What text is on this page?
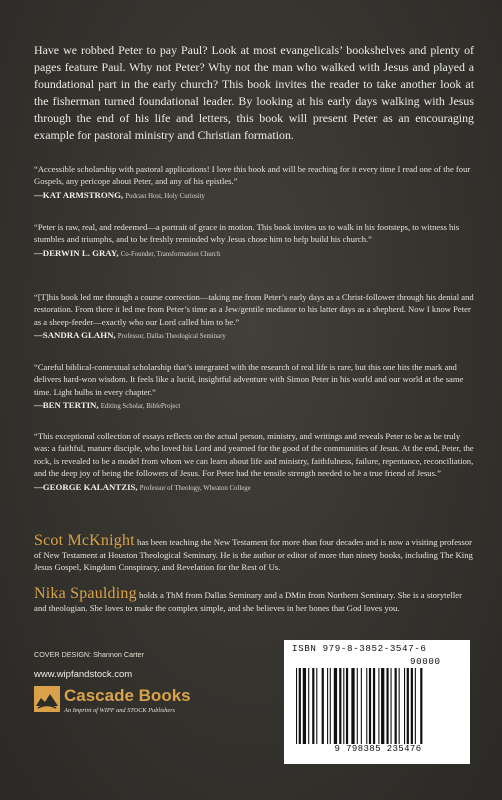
Have we robbed Peter to pay Paul? Look at most evangelicals’ bookshelves and plenty of pages feature Paul. Why not Peter? Why not the man who walked with Jesus and played a foundational part in the early church? This book invites the reader to take another look at the fisherman turned foundational leader. By looking at his early days walking with Jesus through the end of his life and letters, this book will present Peter as an encouraging example for pastoral ministry and Christian formation.
“Accessible scholarship with pastoral applications! I love this book and will be reaching for it every time I read one of the four Gospels, any pericope about Peter, and any of his epistles.”
—KAT ARMSTRONG, Podcast Host, Holy Curiosity
“Peter is raw, real, and redeemed—a portrait of grace in motion. This book invites us to walk in his footsteps, to witness his stumbles and triumphs, and to be freshly reminded why Jesus chose him to help build his church.”
—DERWIN L. GRAY, Co-Founder, Transformation Church
“[T]his book led me through a course correction—taking me from Peter’s early days as a Christ-follower through his denial and restoration. From there it led me from Peter’s time as a Jew/gentile mediator to his latter days as a shepherd. Now I know Peter as a sheep-feeder—exactly who our Lord called him to be.”
—SANDRA GLAHN, Professor, Dallas Theological Seminary
“Careful biblical-contextual scholarship that’s integrated with the research of real life is rare, but this one hits the mark and delivers hard-won wisdom. It feels like a lucid, insightful adventure with Simon Peter in his world and our world at the same time. Light bulbs in every chapter.”
—BEN TERTIN, Editing Scholar, BibleProject
“This exceptional collection of essays reflects on the actual person, ministry, and writings and reveals Peter to be as he truly was: a faithful, mature disciple, who loved his Lord and yearned for the good of the communities of Jesus. At the end, Peter, the rock, is revealed to be a model from whom we can learn about life and ministry, faithfulness, failure, repentance, reconciliation, and the deep joy of being the followers of Jesus. For Peter had the tensile strength needed to be a true friend of Jesus.”
—GEORGE KALANTZIS, Professor of Theology, Wheaton College
Scot McKnight has been teaching the New Testament for more than four decades and is now a visiting professor of New Testament at Houston Theological Seminary. He is the author or editor of more than ninety books, including The King Jesus Gospel, Kingdom Conspiracy, and Revelation for the Rest of Us.
Nika Spaulding holds a ThM from Dallas Seminary and a DMin from Northern Seminary. She is a storyteller and theologian. She loves to make the complex simple, and she believes in her bones that God loves you.
COVER DESIGN: Shannon Carter
www.wipfandstock.com
Cascade Books
An Imprint of WIPF and STOCK Publishers
ISBN 979-8-3852-3547-6
90000
9 798385 235476
